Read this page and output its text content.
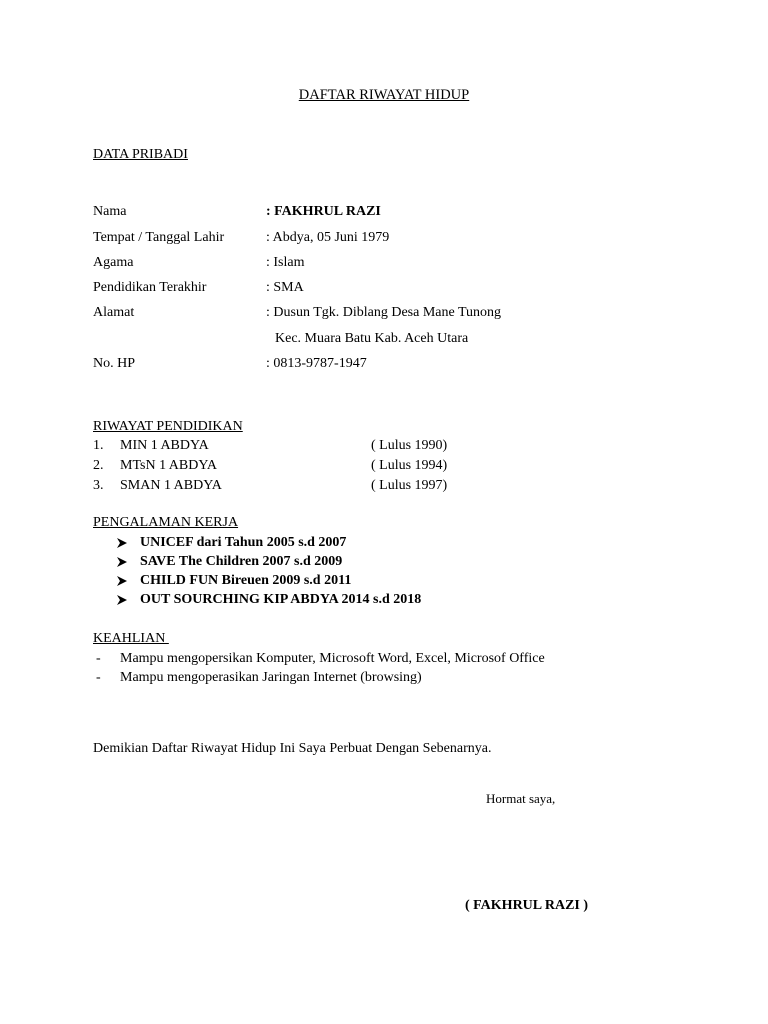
DAFTAR RIWAYAT HIDUP
DATA PRIBADI
Nama	: FAKHRUL RAZI
Tempat / Tanggal Lahir	: Abdya, 05 Juni 1979
Agama	: Islam
Pendidikan Terakhir	: SMA
Alamat	: Dusun Tgk. Diblang Desa Mane Tunong
Kec. Muara Batu Kab. Aceh Utara
No. HP	: 0813-9787-1947
RIWAYAT PENDIDIKAN
1. MIN 1 ABDYA	( Lulus 1990)
2. MTsN 1 ABDYA	( Lulus 1994)
3. SMAN 1 ABDYA	( Lulus 1997)
PENGALAMAN KERJA
UNICEF dari Tahun 2005 s.d 2007
SAVE The Children 2007 s.d 2009
CHILD FUN Bireuen 2009 s.d 2011
OUT SOURCHING KIP ABDYA 2014 s.d 2018
KEAHLIAN
- Mampu mengopersikan Komputer, Microsoft Word, Excel, Microsof Office
- Mampu mengoperasikan Jaringan Internet (browsing)
Demikian Daftar Riwayat Hidup Ini Saya Perbuat Dengan Sebenarnya.
Hormat saya,
( FAKHRUL RAZI )
